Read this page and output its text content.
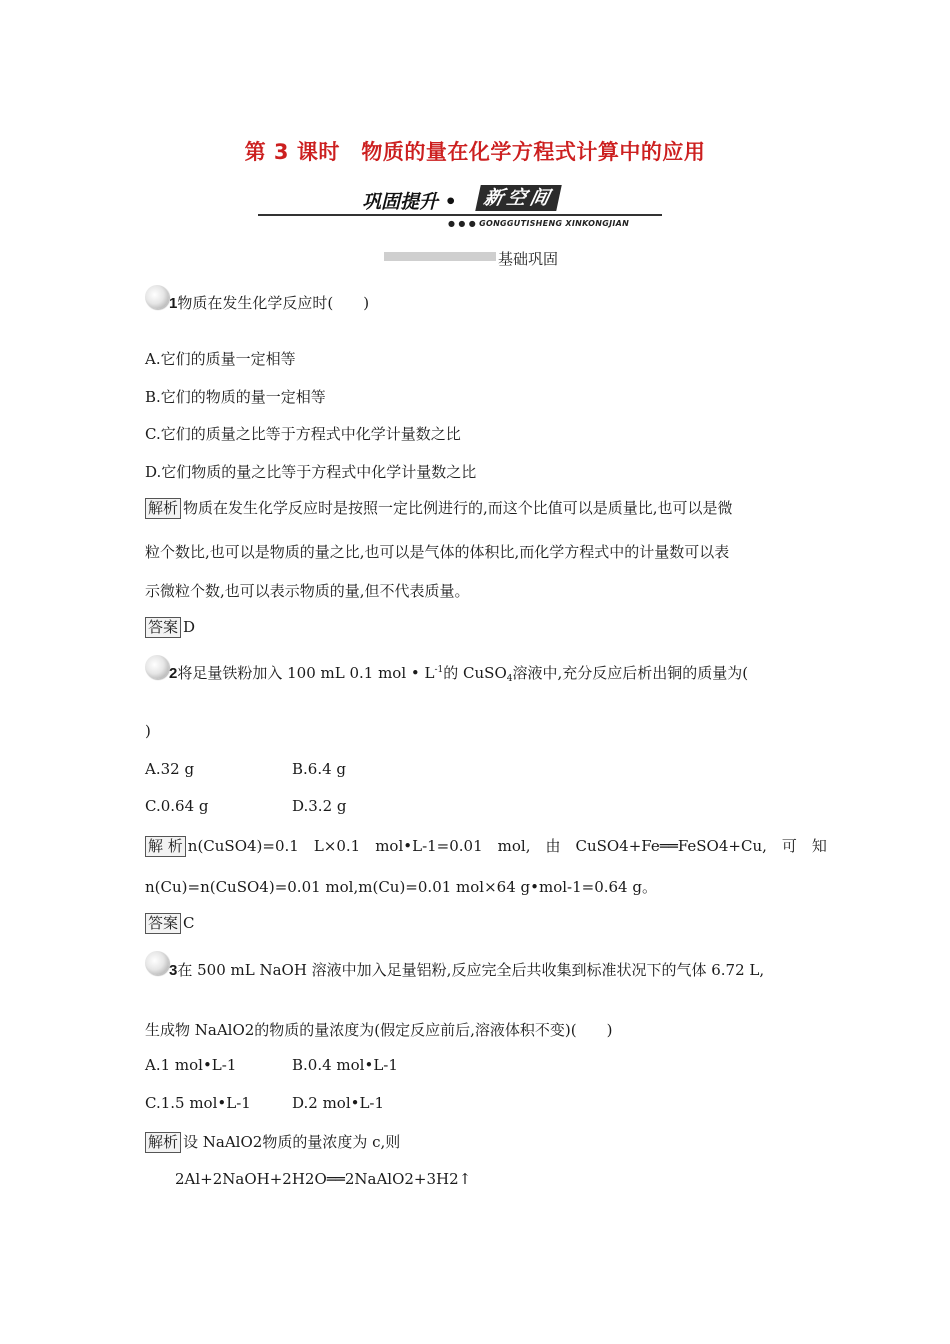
第 3 课时　物质的量在化学方程式计算中的应用
巩固提升 •	新空间
● ● ● GONGGUTISHENG XINKONGJIAN
基础巩固
1物质在发生化学反应时(　　)
A.它们的质量一定相等
B.它们的物质的量一定相等
C.它们的质量之比等于方程式中化学计量数之比
D.它们物质的量之比等于方程式中化学计量数之比
解析 物质在发生化学反应时是按照一定比例进行的,而这个比值可以是质量比,也可以是微
粒个数比,也可以是物质的量之比,也可以是气体的体积比,而化学方程式中的计量数可以表
示微粒个数,也可以表示物质的量,但不代表质量。
答案 D
2将足量铁粉加入 100 mL 0.1 mol • $L^{-1}$的 CuSO$_4$溶液中,充分反应后析出铜的质量为(
)
A.32 g	B.6.4 g
C.0.64 g	D.3.2 g
解 析 n(CuSO4)=0.1　L×0.1　mol•L-1=0.01　mol,　由　CuSO4+Fe══FeSO4+Cu,　可　知
n(Cu)=n(CuSO4)=0.01 mol,m(Cu)=0.01 mol×64 g•mol-1=0.64 g。
答案 C
3在 500 mL NaOH 溶液中加入足量铝粉,反应完全后共收集到标准状况下的气体 6.72 L,
生成物 NaAlO2的物质的量浓度为(假定反应前后,溶液体积不变)(　　)
A.1 mol•L-1	B.0.4 mol•L-1
C.1.5 mol•L-1	D.2 mol•L-1
解析 设 NaAlO2物质的量浓度为 c,则
2Al+2NaOH+2H2O══2NaAlO2+3H2↑
